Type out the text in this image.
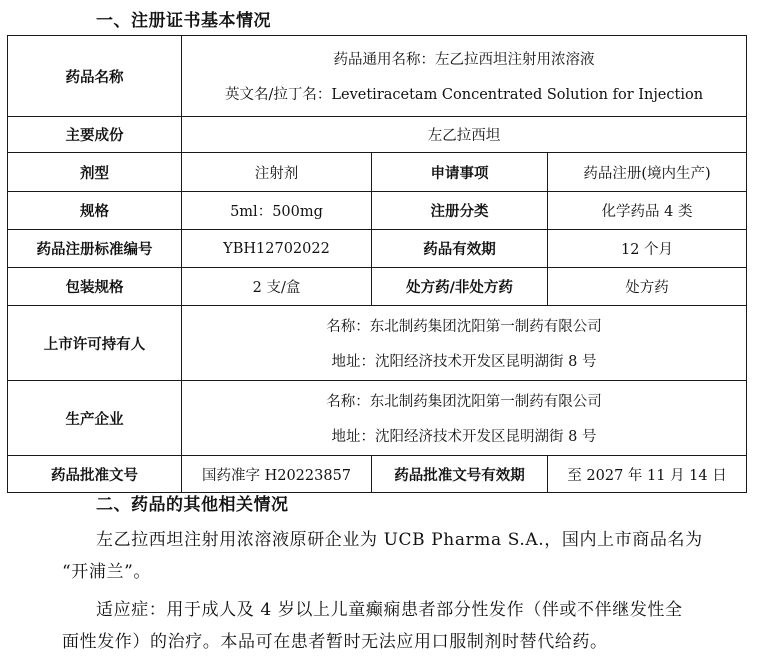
一、注册证书基本情况
药品名称	药品通用名称：左乙拉西坦注射用浓溶液
英文名/拉丁名：Levetiracetam Concentrated Solution for Injection		

主要成份	左乙拉西坦		
剂型	注射剂	申请事项	药品注册(境内生产)
规格	5ml：500mg	注册分类	化学药品 4 类
药品注册标准编号	YBH12702022	药品有效期	12 个月
包装规格	2 支/盒	处方药/非处方药	处方药
上市许可持有人	名称：东北制药集团沈阳第一制药有限公司
地址：沈阳经济技术开发区昆明湖街 8 号		

生产企业	名称：东北制药集团沈阳第一制药有限公司
地址：沈阳经济技术开发区昆明湖街 8 号		

药品批准文号	国药准字 H20223857	药品批准文号有效期	至 2027 年 11 月 14 日
二、药品的其他相关情况
左乙拉西坦注射用浓溶液原研企业为 UCB Pharma S.A.，国内上市商品名为
“开浦兰”。
适应症：用于成人及 4 岁以上儿童癫痫患者部分性发作（伴或不伴继发性全
面性发作）的治疗。本品可在患者暂时无法应用口服制剂时替代给药。
